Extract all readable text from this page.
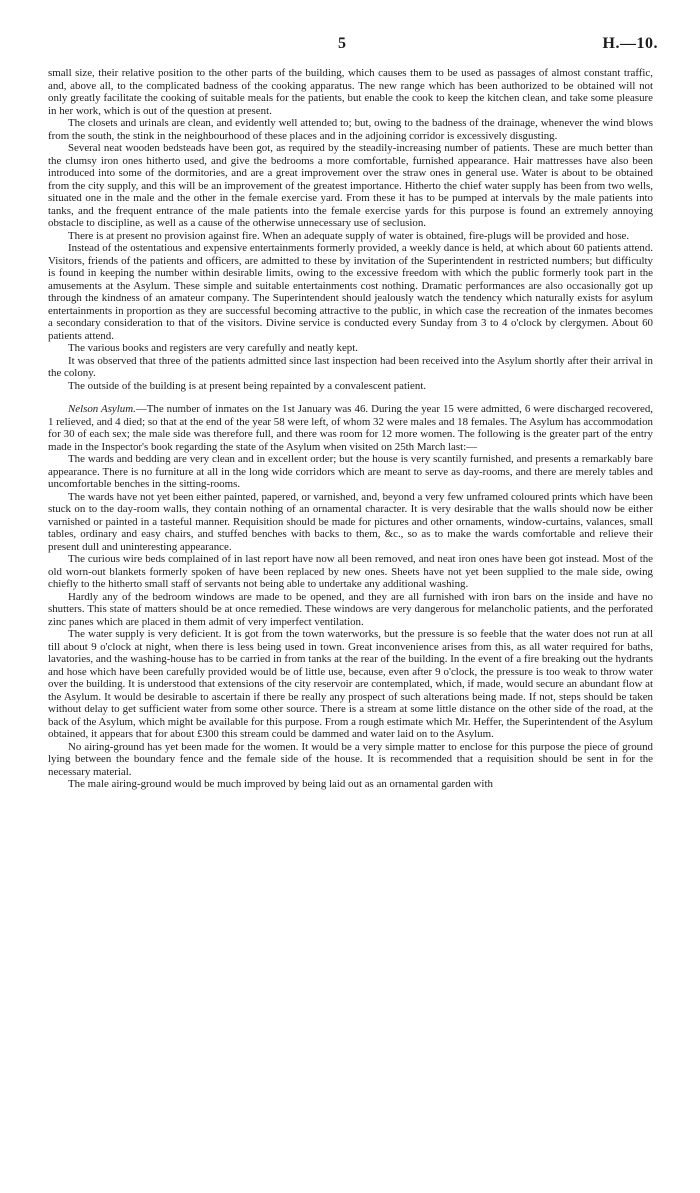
5	H.—10.

small size, their relative position to the other parts of the building, which causes them to be used as passages of almost constant traffic, and, above all, to the complicated badness of the cooking apparatus. The new range which has been authorized to be obtained will not only greatly facilitate the cooking of suitable meals for the patients, but enable the cook to keep the kitchen clean, and take some pleasure in her work, which is out of the question at present.

The closets and urinals are clean, and evidently well attended to; but, owing to the badness of the drainage, whenever the wind blows from the south, the stink in the neighbourhood of these places and in the adjoining corridor is excessively disgusting.

Several neat wooden bedsteads have been got, as required by the steadily-increasing number of patients. These are much better than the clumsy iron ones hitherto used, and give the bedrooms a more comfortable, furnished appearance. Hair mattresses have also been introduced into some of the dormitories, and are a great improvement over the straw ones in general use. Water is about to be obtained from the city supply, and this will be an improvement of the greatest importance. Hitherto the chief water supply has been from two wells, situated one in the male and the other in the female exercise yard. From these it has to be pumped at intervals by the male patients into tanks, and the frequent entrance of the male patients into the female exercise yards for this purpose is found an extremely annoying obstacle to discipline, as well as a cause of the otherwise unnecessary use of seclusion.

There is at present no provision against fire. When an adequate supply of water is obtained, fire-plugs will be provided and hose.

Instead of the ostentatious and expensive entertainments formerly provided, a weekly dance is held, at which about 60 patients attend. Visitors, friends of the patients and officers, are admitted to these by invitation of the Superintendent in restricted numbers; but difficulty is found in keeping the number within desirable limits, owing to the excessive freedom with which the public formerly took part in the amusements at the Asylum. These simple and suitable entertainments cost nothing. Dramatic performances are also occasionally got up through the kindness of an amateur company. The Superintendent should jealously watch the tendency which naturally exists for asylum entertainments in proportion as they are successful becoming attractive to the public, in which case the recreation of the inmates becomes a secondary consideration to that of the visitors. Divine service is conducted every Sunday from 3 to 4 o'clock by clergymen. About 60 patients attend.

The various books and registers are very carefully and neatly kept.

It was observed that three of the patients admitted since last inspection had been received into the Asylum shortly after their arrival in the colony.

The outside of the building is at present being repainted by a convalescent patient.

Nelson Asylum.—The number of inmates on the 1st January was 46. During the year 15 were admitted, 6 were discharged recovered, 1 relieved, and 4 died; so that at the end of the year 58 were left, of whom 32 were males and 18 females. The Asylum has accommodation for 30 of each sex; the male side was therefore full, and there was room for 12 more women. The following is the greater part of the entry made in the Inspector's book regarding the state of the Asylum when visited on 25th March last:—

The wards and bedding are very clean and in excellent order; but the house is very scantily furnished, and presents a remarkably bare appearance. There is no furniture at all in the long wide corridors which are meant to serve as day-rooms, and there are merely tables and uncomfortable benches in the sitting-rooms.

The wards have not yet been either painted, papered, or varnished, and, beyond a very few unframed coloured prints which have been stuck on to the day-room walls, they contain nothing of an ornamental character. It is very desirable that the walls should now be either varnished or painted in a tasteful manner. Requisition should be made for pictures and other ornaments, window-curtains, valances, small tables, ordinary and easy chairs, and stuffed benches with backs to them, &c., so as to make the wards comfortable and relieve their present dull and uninteresting appearance.

The curious wire beds complained of in last report have now all been removed, and neat iron ones have been got instead. Most of the old worn-out blankets formerly spoken of have been replaced by new ones. Sheets have not yet been supplied to the male side, owing chiefly to the hitherto small staff of servants not being able to undertake any additional washing.

Hardly any of the bedroom windows are made to be opened, and they are all furnished with iron bars on the inside and have no shutters. This state of matters should be at once remedied. These windows are very dangerous for melancholic patients, and the perforated zinc panes which are placed in them admit of very imperfect ventilation.

The water supply is very deficient. It is got from the town waterworks, but the pressure is so feeble that the water does not run at all till about 9 o'clock at night, when there is less being used in town. Great inconvenience arises from this, as all water required for baths, lavatories, and the washing-house has to be carried in from tanks at the rear of the building. In the event of a fire breaking out the hydrants and hose which have been carefully provided would be of little use, because, even after 9 o'clock, the pressure is too weak to throw water over the building. It is understood that extensions of the city reservoir are contemplated, which, if made, would secure an abundant flow at the Asylum. It would be desirable to ascertain if there be really any prospect of such alterations being made. If not, steps should be taken without delay to get sufficient water from some other source. There is a stream at some little distance on the other side of the road, at the back of the Asylum, which might be available for this purpose. From a rough estimate which Mr. Heffer, the Superintendent of the Asylum obtained, it appears that for about £300 this stream could be dammed and water laid on to the Asylum.

No airing-ground has yet been made for the women. It would be a very simple matter to enclose for this purpose the piece of ground lying between the boundary fence and the female side of the house. It is recommended that a requisition should be sent in for the necessary material.

The male airing-ground would be much improved by being laid out as an ornamental garden with
